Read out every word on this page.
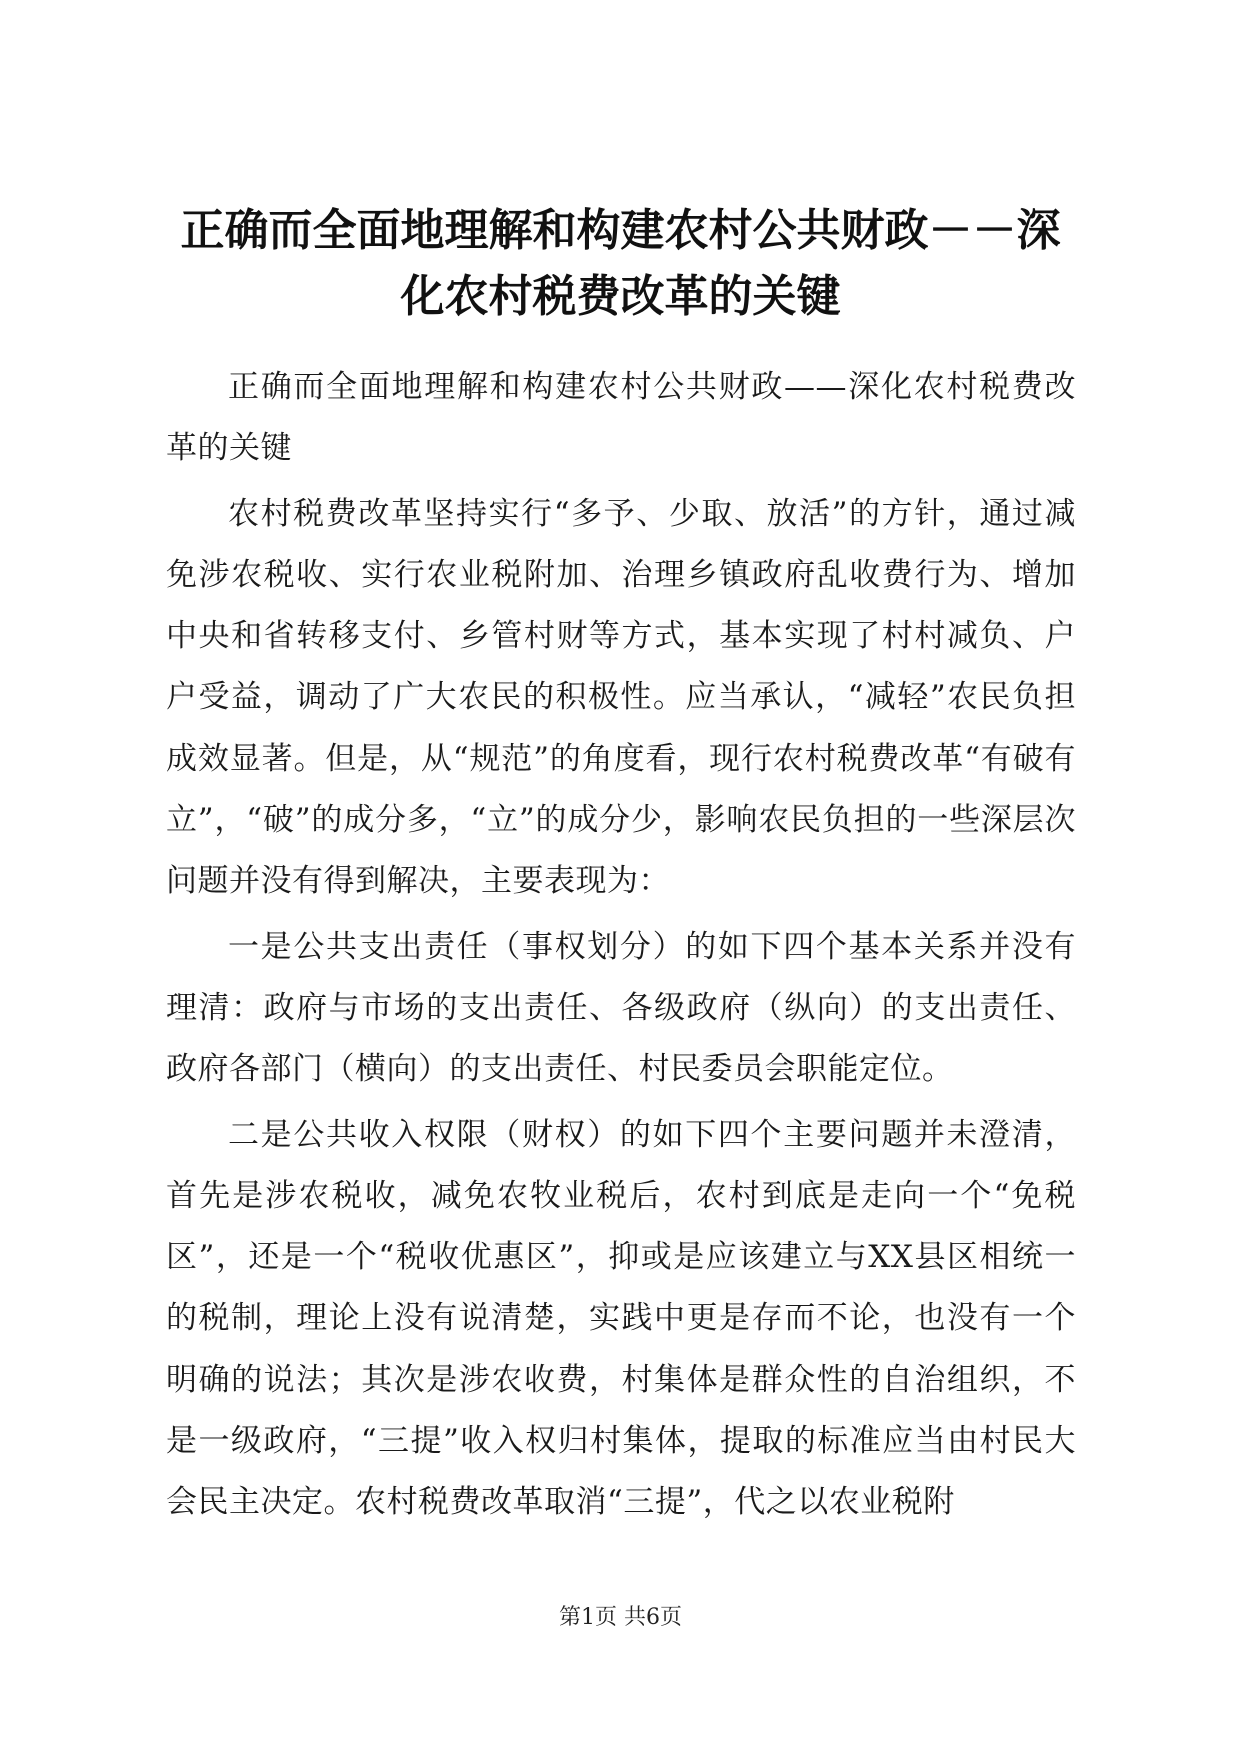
正确而全面地理解和构建农村公共财政－－深
化农村税费改革的关键

正确而全面地理解和构建农村公共财政——深化农村税费改革的关键

农村税费改革坚持实行“多予、少取、放活”的方针，通过减免涉农税收、实行农业税附加、治理乡镇政府乱收费行为、增加中央和省转移支付、乡管村财等方式，基本实现了村村减负、户户受益，调动了广大农民的积极性。应当承认，“减轻”农民负担成效显著。但是，从“规范”的角度看，现行农村税费改革“有破有立”，“破”的成分多，“立”的成分少，影响农民负担的一些深层次问题并没有得到解决，主要表现为：

一是公共支出责任（事权划分）的如下四个基本关系并没有理清：政府与市场的支出责任、各级政府（纵向）的支出责任、政府各部门（横向）的支出责任、村民委员会职能定位。

二是公共收入权限（财权）的如下四个主要问题并未澄清，首先是涉农税收，减免农牧业税后，农村到底是走向一个“免税区”，还是一个“税收优惠区”，抑或是应该建立与XX县区相统一的税制，理论上没有说清楚，实践中更是存而不论，也没有一个明确的说法；其次是涉农收费，村集体是群众性的自治组织，不是一级政府，“三提”收入权归村集体，提取的标准应当由村民大会民主决定。农村税费改革取消“三提”，代之以农业税附

第1页 共6页
